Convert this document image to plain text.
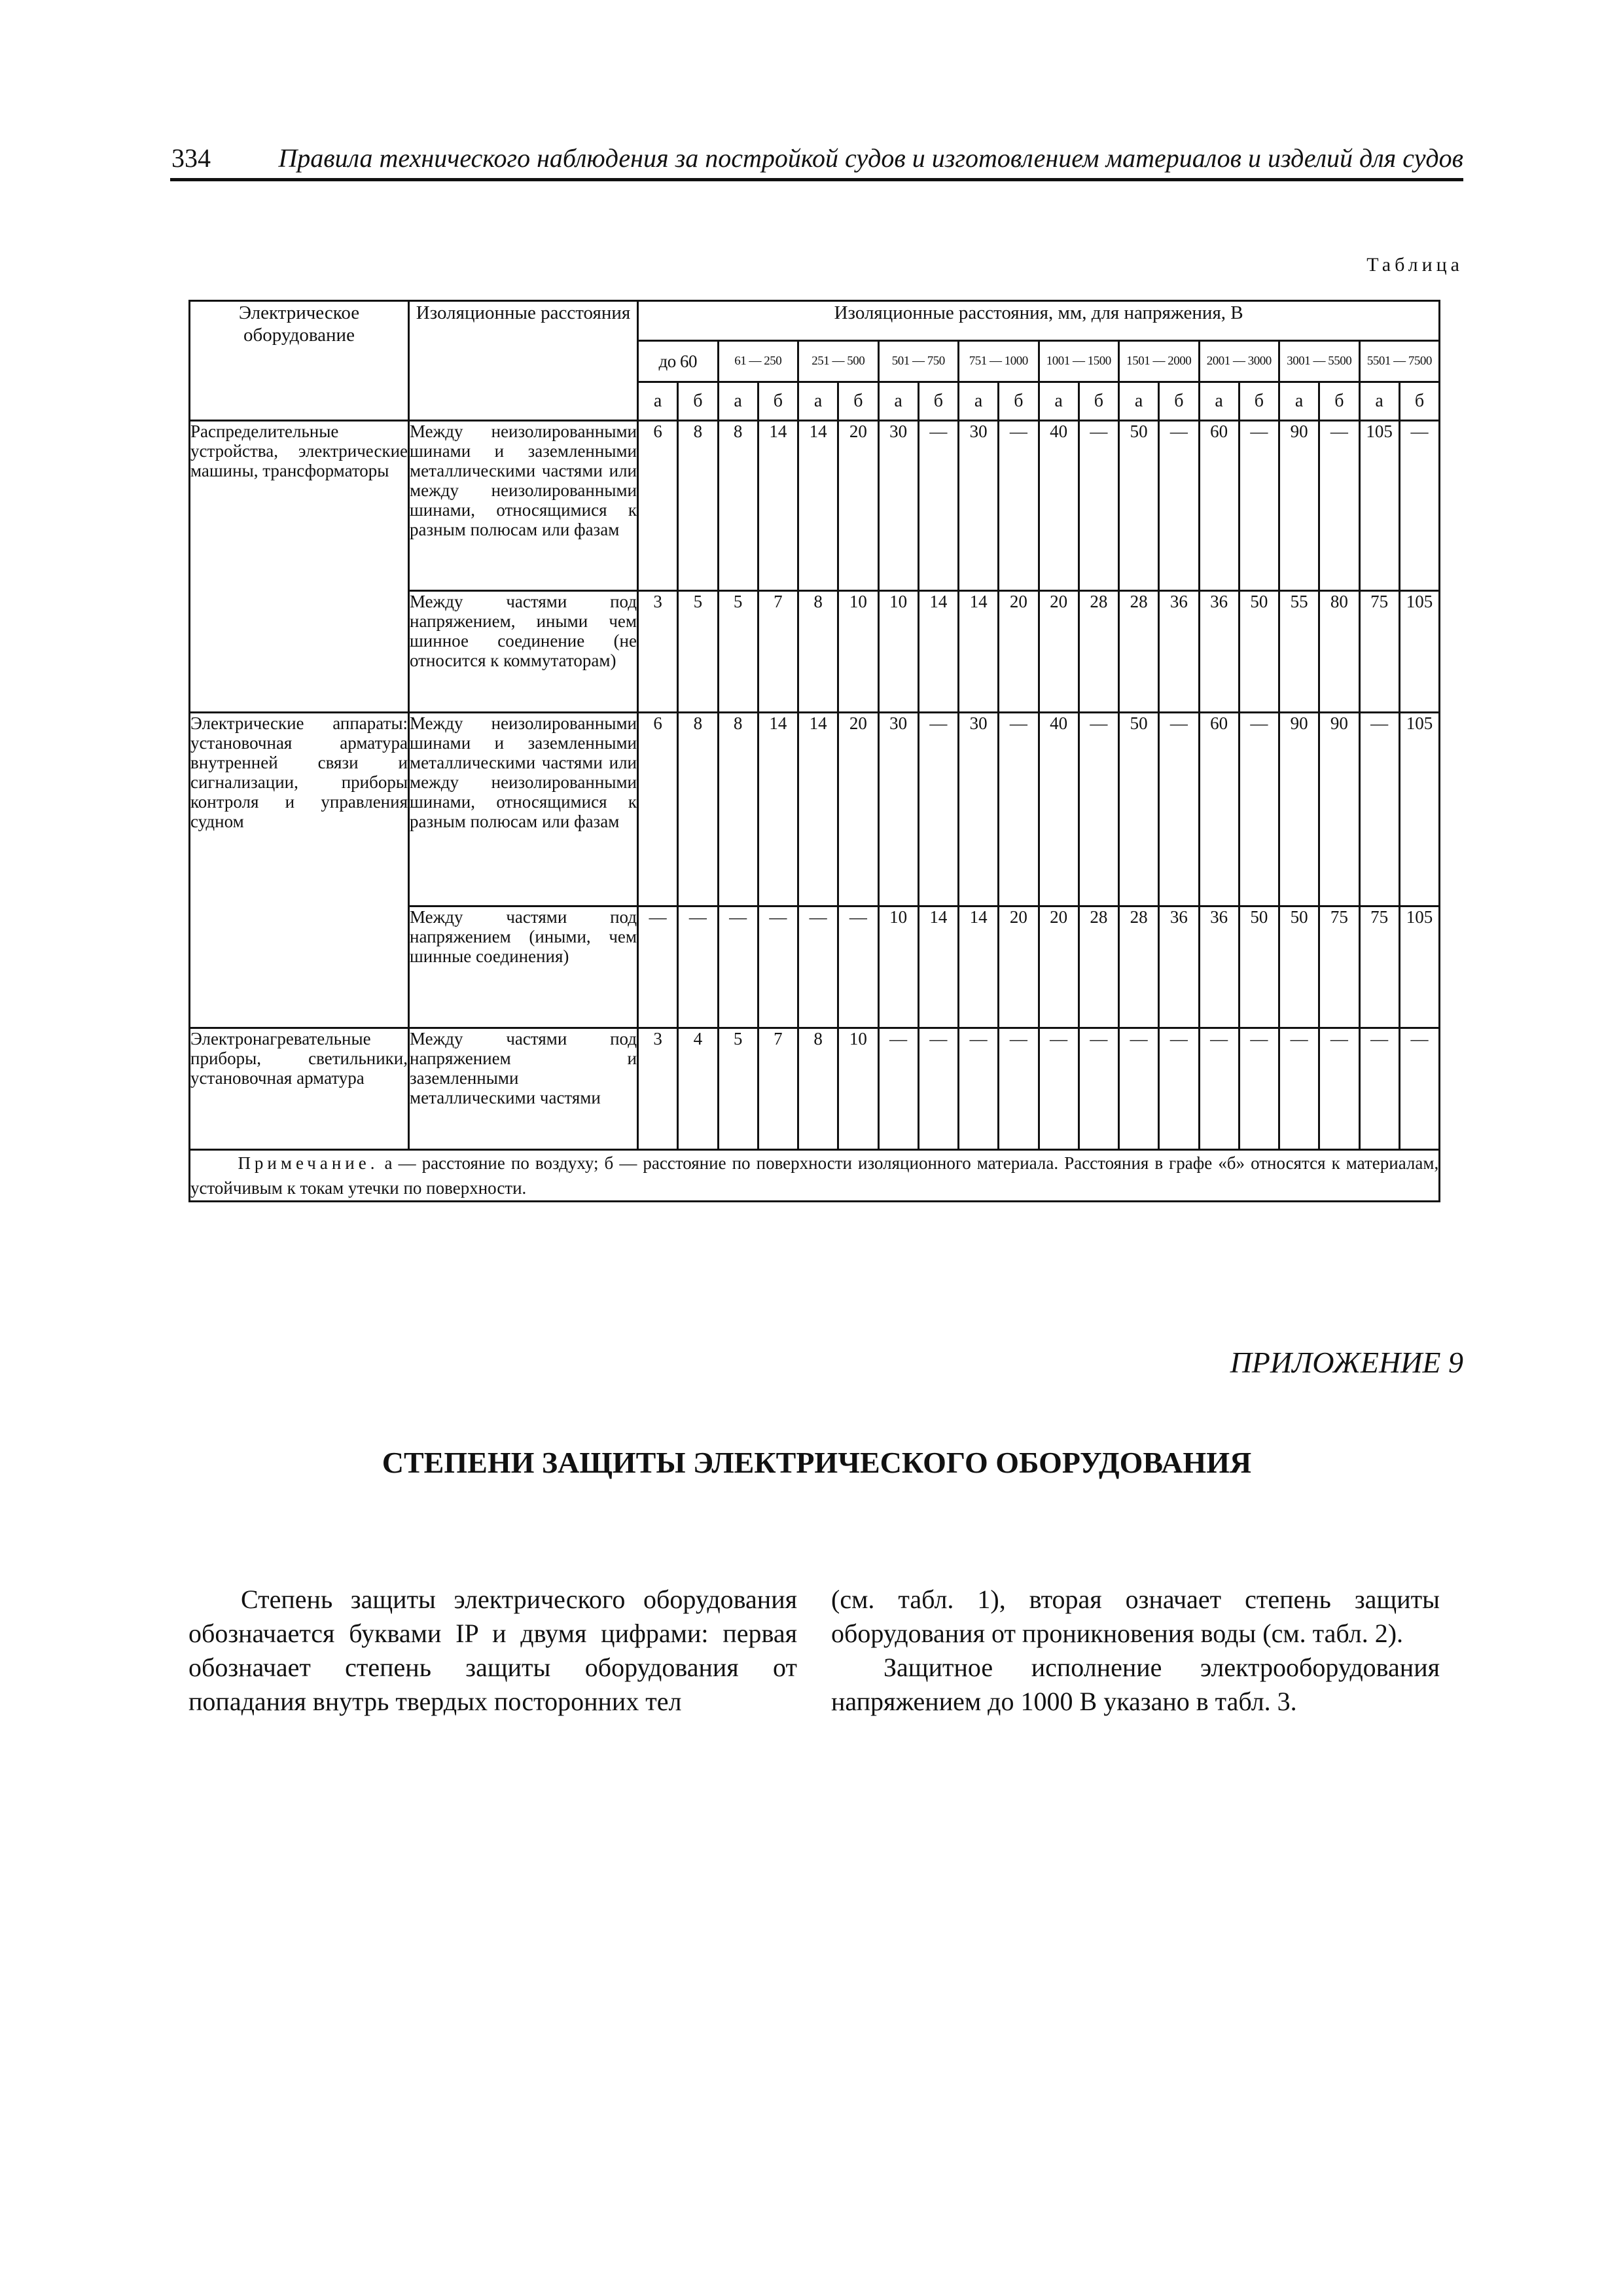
334	Правила технического наблюдения за постройкой судов и изготовлением материалов и изделий для судов
Таблица
Электрическое оборудование	Изоляционные расстояния	Изоляционные расстояния, мм, для напряжения, В																			
		до 60		61 — 250		251 — 500		501 — 750		751 — 1000		1001 — 1500		1501 — 2000		2001 — 3000		3001 — 5500		5501 — 7500	
		а	б	а	б	а	б	а	б	а	б	а	б	а	б	а	б	а	б	а	б
Распределительные устройства, электрические машины, трансформаторы	Между неизолированными шинами и заземленными металлическими частями или между неизолированными шинами, относящимися к разным полюсам или фазам	6	8	8	14	14	20	30	—	30	—	40	—	50	—	60	—	90	—	105	—
	Между частями под напряжением, иными чем шинное соединение (не относится к коммутаторам)	3	5	5	7	8	10	10	14	14	20	20	28	28	36	36	50	55	80	75	105
Электрические аппараты: установочная арматура внутренней связи и сигнализации, приборы контроля и управления судном	Между неизолированными шинами и заземленными металлическими частями или между неизолированными шинами, относящимися к разным полюсам или фазам	6	8	8	14	14	20	30	—	30	—	40	—	50	—	60	—	90	90	—	105
	Между частями под напряжением (иными, чем шинные соединения)	—	—	—	—	—	—	10	14	14	20	20	28	28	36	36	50	50	75	75	105
Электронагревательные приборы, светильники, установочная арматура	Между частями под напряжением и заземленными металлическими частями	3	4	5	7	8	10	—	—	—	—	—	—	—	—	—	—	—	—	—	—
Примечание. а — расстояние по воздуху; б — расстояние по поверхности изоляционного материала. Расстояния в графе «б» относятся к материалам, устойчивым к токам утечки по поверхности.																					
ПРИЛОЖЕНИЕ 9
СТЕПЕНИ ЗАЩИТЫ ЭЛЕКТРИЧЕСКОГО ОБОРУДОВАНИЯ

Степень защиты электрического оборудования обозначается буквами IP и двумя цифрами: первая обозначает степень защиты оборудования от попадания внутрь твердых посторонних тел

(см. табл. 1), вторая означает степень защиты оборудования от проникновения воды (см. табл. 2).

Защитное исполнение электрооборудования напряжением до 1000 В указано в табл. 3.
